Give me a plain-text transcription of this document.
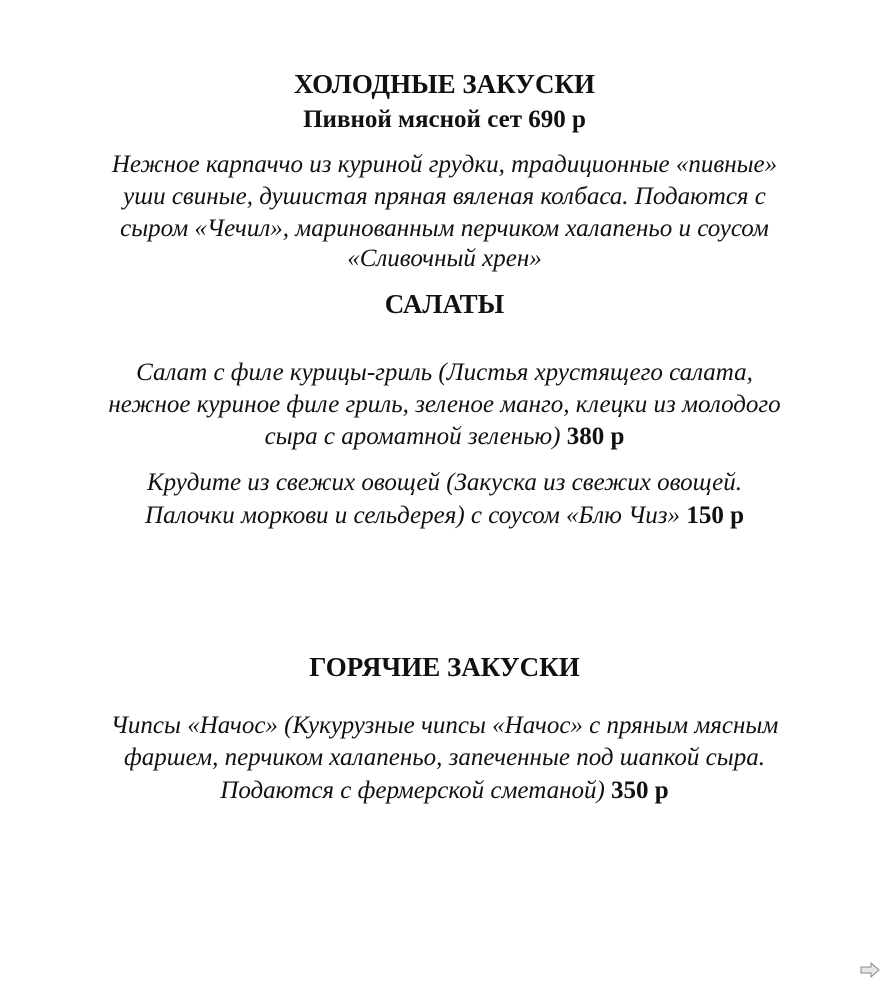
ХОЛОДНЫЕ ЗАКУСКИ
Пивной мясной сет 690 р
Нежное карпаччо из куриной грудки, традиционные «пивные»
уши свиные, душистая пряная вяленая колбаса. Подаются с
сыром «Чечил», маринованным перчиком халапеньо и соусом
«Сливочный хрен»
САЛАТЫ
Салат с филе курицы-гриль (Листья хрустящего салата,
нежное куриное филе гриль, зеленое манго, клецки из молодого
сыра с ароматной зеленью) 380 р
Крудите из свежих овощей (Закуска из свежих овощей.
Палочки моркови и сельдерея) с соусом «Блю Чиз» 150 р
ГОРЯЧИЕ ЗАКУСКИ
Чипсы «Начос» (Кукурузные чипсы «Начос» с пряным мясным
фаршем, перчиком халапеньо, запеченные под шапкой сыра.
Подаются с фермерской сметаной) 350 р
